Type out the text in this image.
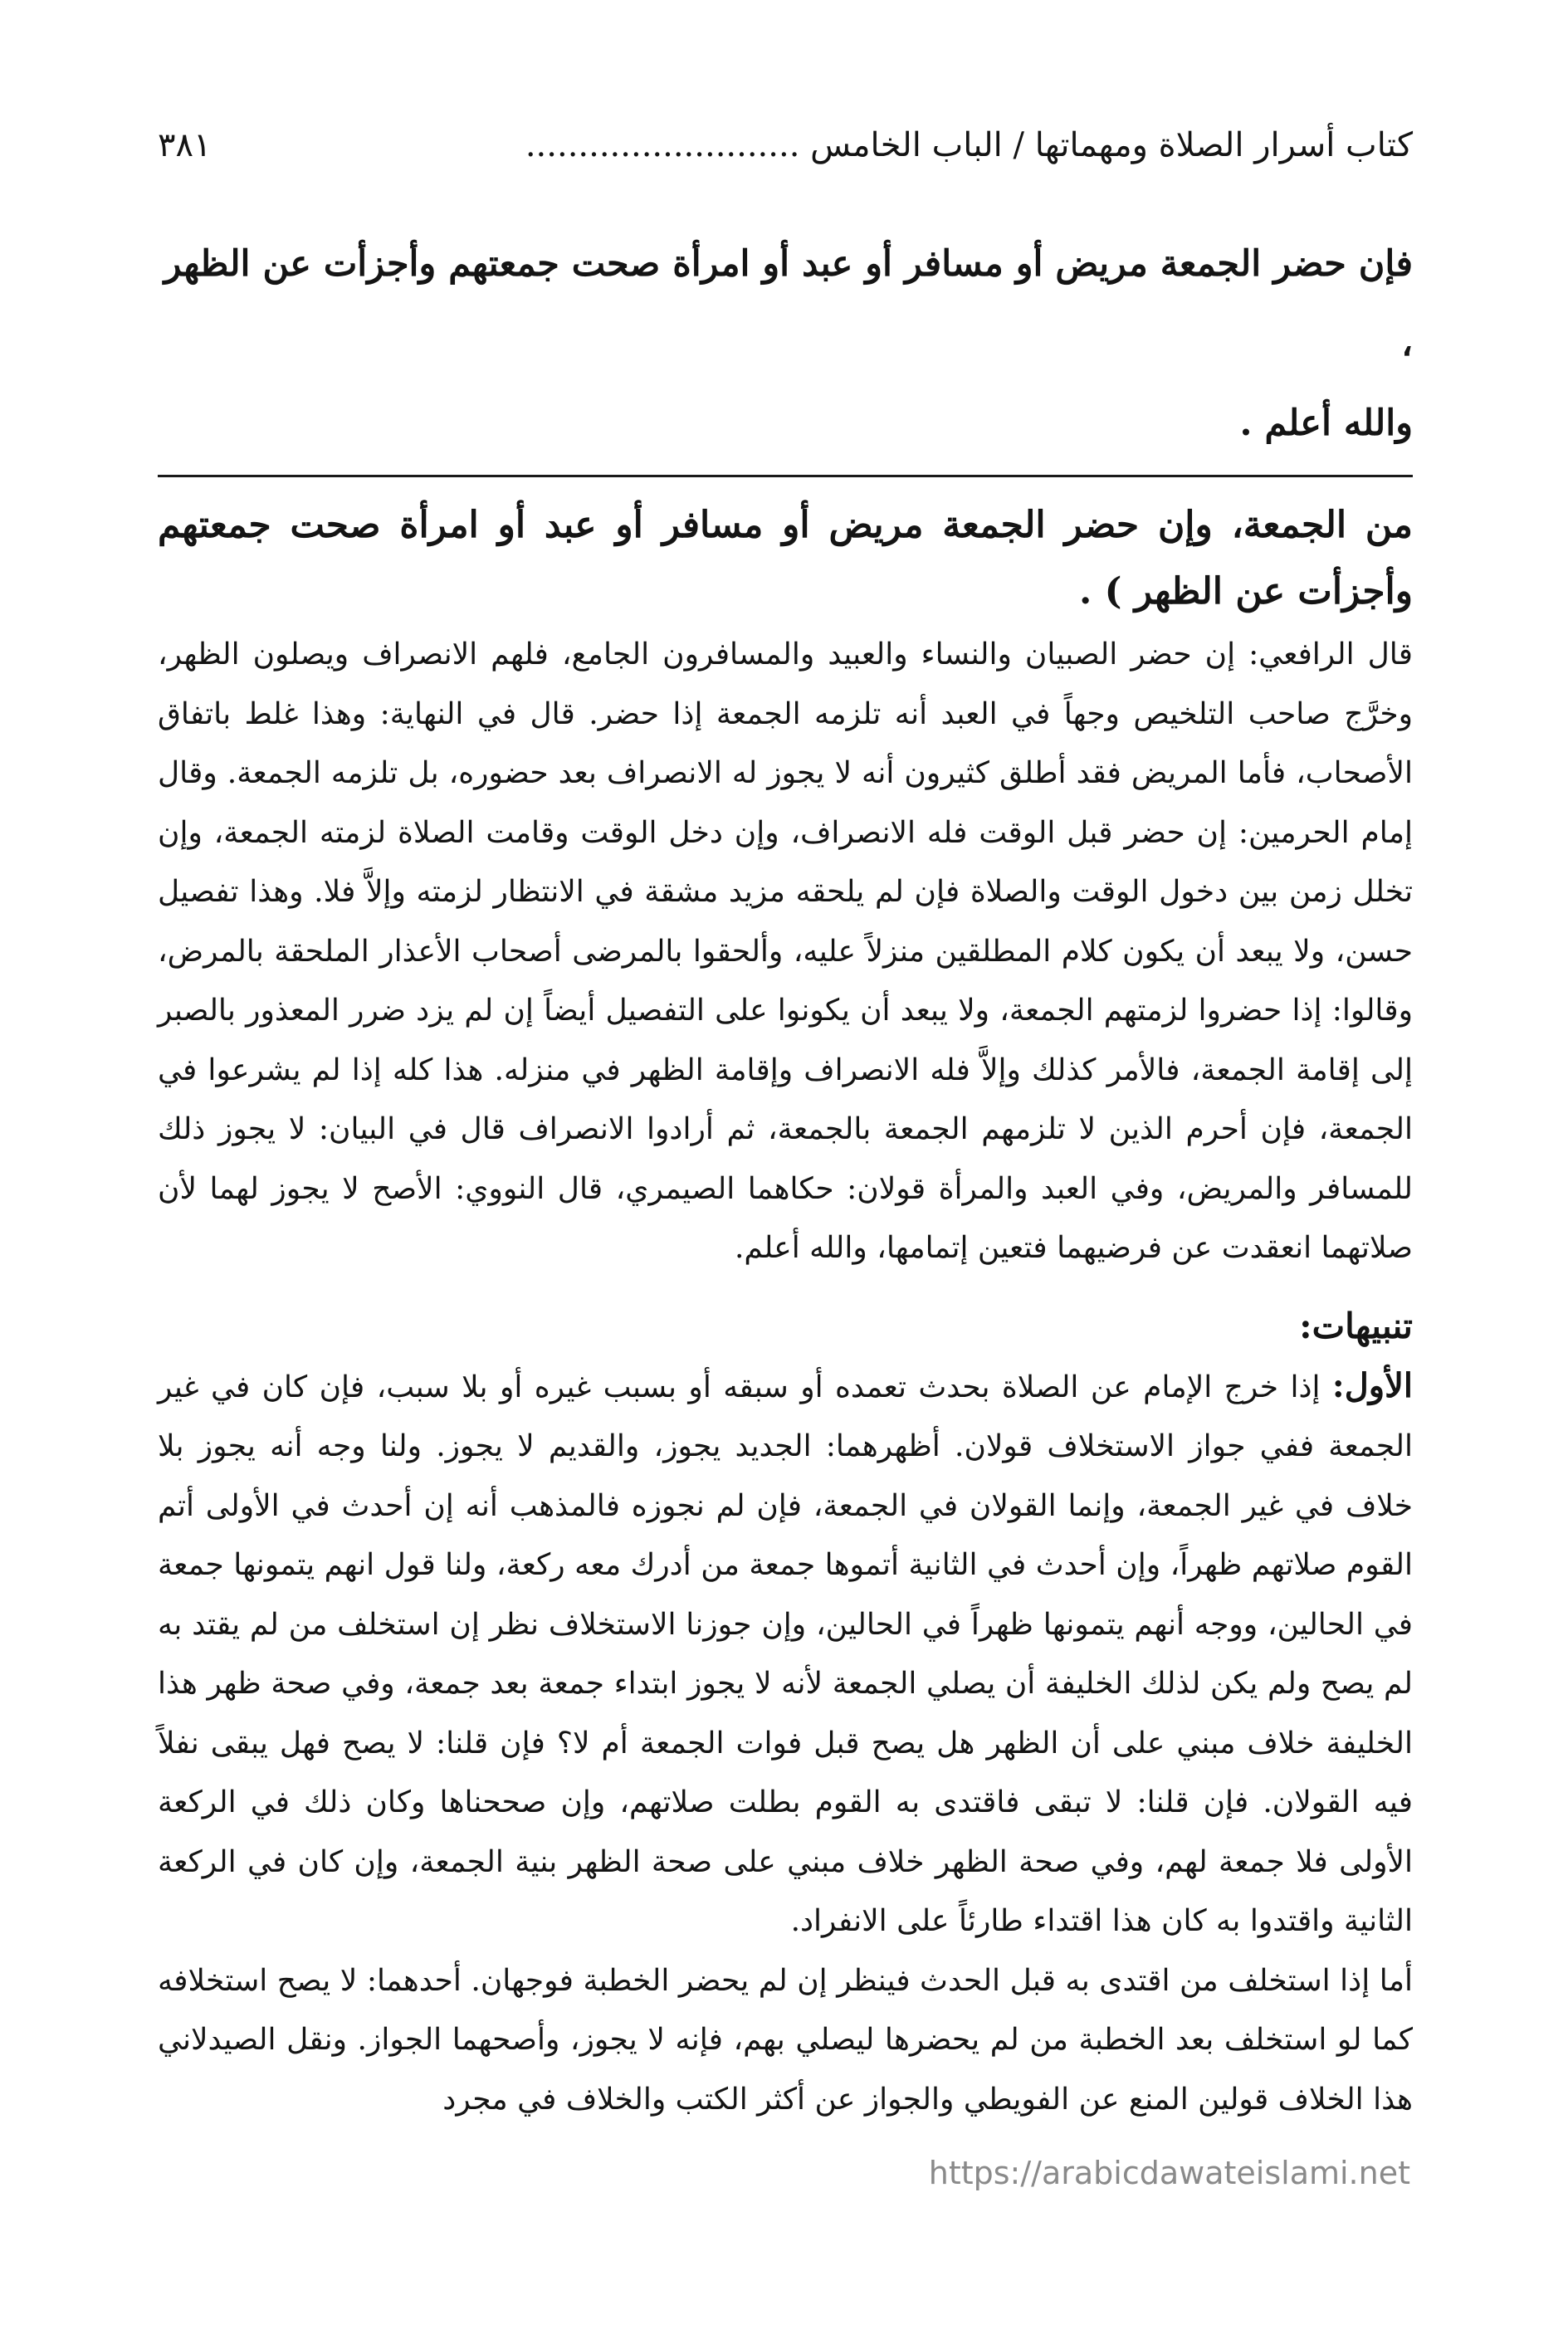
كتاب أسرار الصلاة ومهماتها / الباب الخامس ..........................
٣٨١

فإن حضر الجمعة مريض أو مسافر أو عبد أو امرأة صحت جمعتهم وأجزأت عن الظهر ،

والله أعلم .

من الجمعة، وإن حضر الجمعة مريض أو مسافر أو عبد أو امرأة صحت جمعتهم وأجزأت عن الظهر ) .

قال الرافعي: إن حضر الصبيان والنساء والعبيد والمسافرون الجامع، فلهم الانصراف ويصلون الظهر، وخرَّج صاحب التلخيص وجهاً في العبد أنه تلزمه الجمعة إذا حضر. قال في النهاية: وهذا غلط باتفاق الأصحاب، فأما المريض فقد أطلق كثيرون أنه لا يجوز له الانصراف بعد حضوره، بل تلزمه الجمعة. وقال إمام الحرمين: إن حضر قبل الوقت فله الانصراف، وإن دخل الوقت وقامت الصلاة لزمته الجمعة، وإن تخلل زمن بين دخول الوقت والصلاة فإن لم يلحقه مزيد مشقة في الانتظار لزمته وإلاَّ فلا. وهذا تفصيل حسن، ولا يبعد أن يكون كلام المطلقين منزلاً عليه، وألحقوا بالمرضى أصحاب الأعذار الملحقة بالمرض، وقالوا: إذا حضروا لزمتهم الجمعة، ولا يبعد أن يكونوا على التفصيل أيضاً إن لم يزد ضرر المعذور بالصبر إلى إقامة الجمعة، فالأمر كذلك وإلاَّ فله الانصراف وإقامة الظهر في منزله. هذا كله إذا لم يشرعوا في الجمعة، فإن أحرم الذين لا تلزمهم الجمعة بالجمعة، ثم أرادوا الانصراف قال في البيان: لا يجوز ذلك للمسافر والمريض، وفي العبد والمرأة قولان: حكاهما الصيمري، قال النووي: الأصح لا يجوز لهما لأن صلاتهما انعقدت عن فرضيهما فتعين إتمامها، والله أعلم.

تنبيهات:

الأول: إذا خرج الإمام عن الصلاة بحدث تعمده أو سبقه أو بسبب غيره أو بلا سبب، فإن كان في غير الجمعة ففي جواز الاستخلاف قولان. أظهرهما: الجديد يجوز، والقديم لا يجوز. ولنا وجه أنه يجوز بلا خلاف في غير الجمعة، وإنما القولان في الجمعة، فإن لم نجوزه فالمذهب أنه إن أحدث في الأولى أتم القوم صلاتهم ظهراً، وإن أحدث في الثانية أتموها جمعة من أدرك معه ركعة، ولنا قول انهم يتمونها جمعة في الحالين، ووجه أنهم يتمونها ظهراً في الحالين، وإن جوزنا الاستخلاف نظر إن استخلف من لم يقتد به لم يصح ولم يكن لذلك الخليفة أن يصلي الجمعة لأنه لا يجوز ابتداء جمعة بعد جمعة، وفي صحة ظهر هذا الخليفة خلاف مبني على أن الظهر هل يصح قبل فوات الجمعة أم لا؟ فإن قلنا: لا يصح فهل يبقى نفلاً فيه القولان. فإن قلنا: لا تبقى فاقتدى به القوم بطلت صلاتهم، وإن صححناها وكان ذلك في الركعة الأولى فلا جمعة لهم، وفي صحة الظهر خلاف مبني على صحة الظهر بنية الجمعة، وإن كان في الركعة الثانية واقتدوا به كان هذا اقتداء طارئاً على الانفراد.

أما إذا استخلف من اقتدى به قبل الحدث فينظر إن لم يحضر الخطبة فوجهان. أحدهما: لا يصح استخلافه كما لو استخلف بعد الخطبة من لم يحضرها ليصلي بهم، فإنه لا يجوز، وأصحهما الجواز. ونقل الصيدلاني هذا الخلاف قولين المنع عن الفويطي والجواز عن أكثر الكتب والخلاف في مجرد

https://arabicdawateislami.net
